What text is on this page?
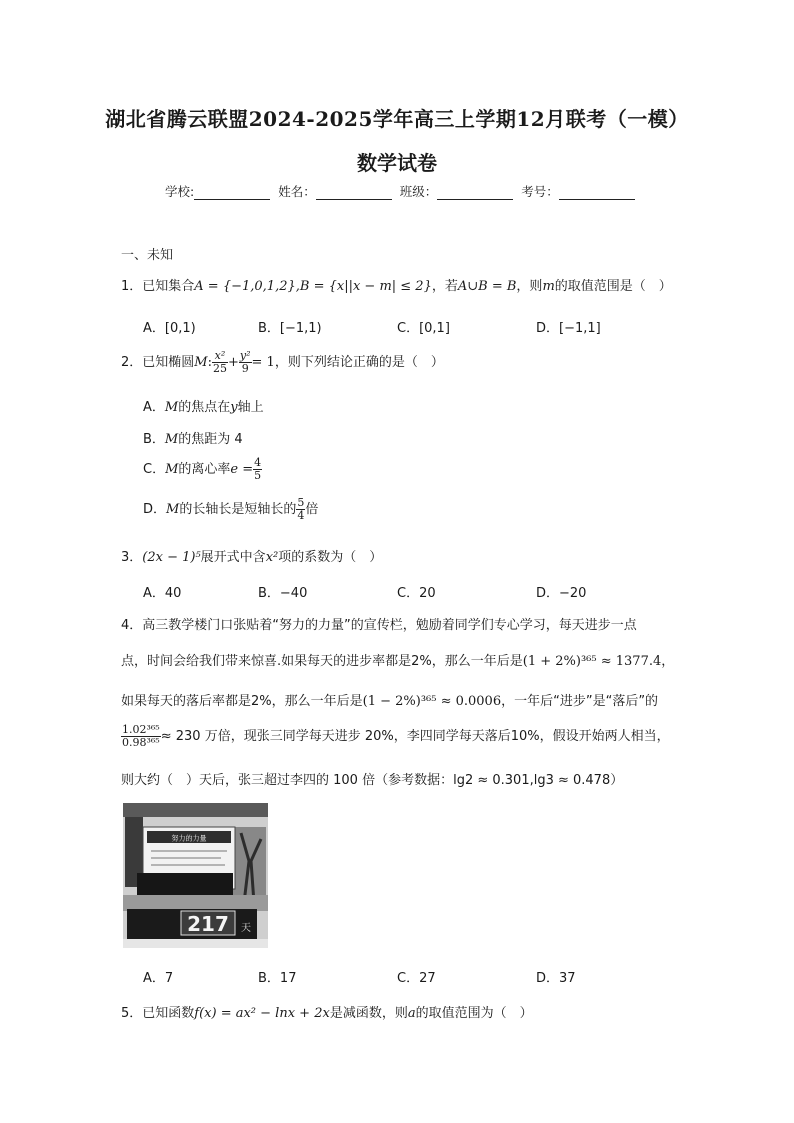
湖北省腾云联盟2024-2025学年高三上学期12月联考（一模）
数学试卷
学校:	姓名：	班级：	考号：
一、未知
1．已知集合A = {−1,0,1,2},B = {x||x − m| ≤ 2}，若A∪B = B，则m的取值范围是（　）
A．[0,1)	B．[−1,1)	C．[0,1]	D．[−1,1]
2．已知椭圆M: $\frac{\text{x²}}{25} + \frac{\text{y²}}{9} = 1$，则下列结论正确的是（　）
A．M的焦点在y轴上
B．M的焦距为 4
C．M的离心率$e = \frac{4}{5}$
D．M的长轴长是短轴长的 $\frac{5}{4}$ 倍
3．(2x − 1)⁵展开式中含x²项的系数为（　）
A．40	B．−40	C．20	D．−20
4．高三教学楼门口张贴着“努力的力量”的宣传栏，勉励着同学们专心学习，每天进步一点
点，时间会给我们带来惊喜.如果每天的进步率都是2%，那么一年后是(1 + 2%)³⁶⁵ ≈ 1377.4，
如果每天的落后率都是2%，那么一年后是(1 − 2%)³⁶⁵ ≈ 0.0006，一年后“进步”是“落后”的
$\frac{\text{1.02³⁶⁵}}{\text{0.98³⁶⁵}} \approx 230$ 万倍，现张三同学每天进步 20%，李四同学每天落后10%，假设开始两人相当，
则大约（　）天后，张三超过李四的 100 倍（参考数据：lg2 ≈ 0.301,lg3 ≈ 0.478）
努力的力量
217 天
A．7	B．17	C．27	D．37
5．已知函数f(x) = ax² − lnx + 2x是减函数，则a的取值范围为（　）
